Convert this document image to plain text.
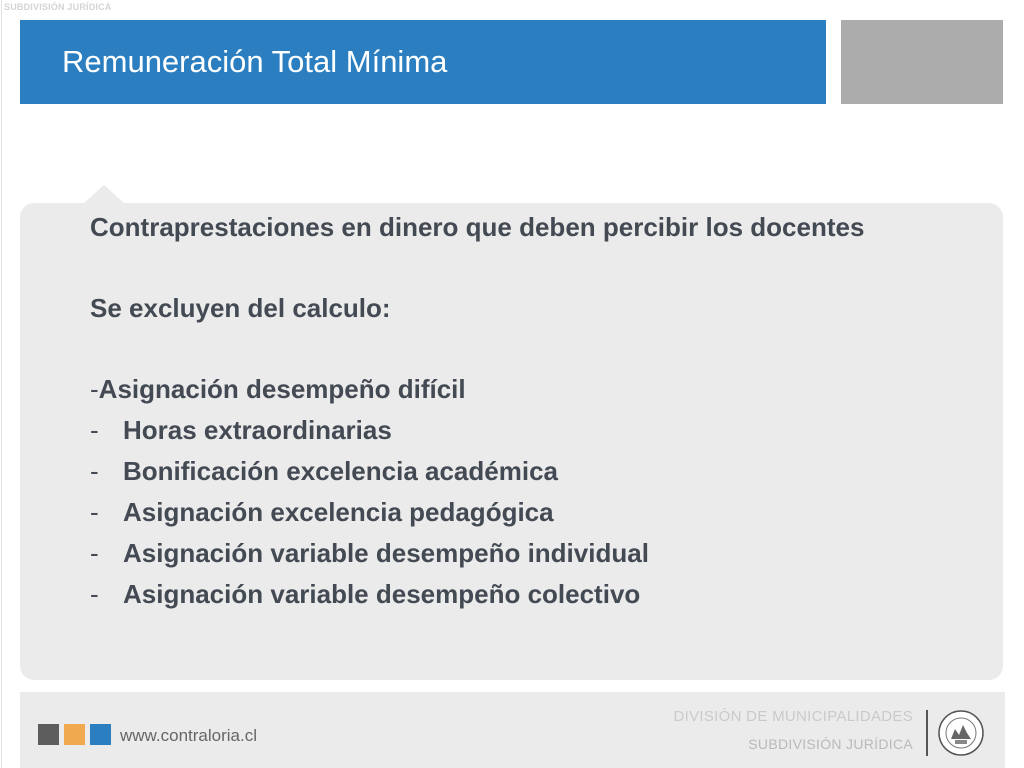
SUBDIVISIÓN JURÍDICA
Remuneración Total Mínima

Contraprestaciones en dinero que deben percibir los docentes

Se excluyen del calculo:

-Asignación desempeño difícil
- Horas extraordinarias
- Bonificación excelencia académica
- Asignación excelencia pedagógica
- Asignación variable desempeño individual
- Asignación variable desempeño colectivo
www.contraloria.cl
DIVISIÓN DE MUNICIPALIDADES
SUBDIVISIÓN JURÍDICA
